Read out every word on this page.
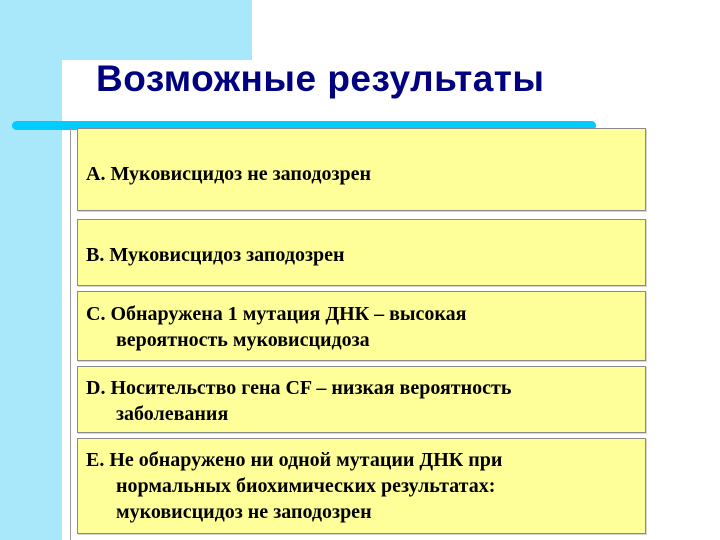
Возможные результаты
A. Муковисцидоз не заподозрен
B. Муковисцидоз заподозрен
C. Обнаружена 1 мутация ДНК – высокая
вероятность муковисцидоза
D. Носительство гена CF – низкая вероятность
заболевания
E. Не обнаружено ни одной мутации ДНК при
нормальных биохимических результатах:
муковисцидоз не заподозрен
